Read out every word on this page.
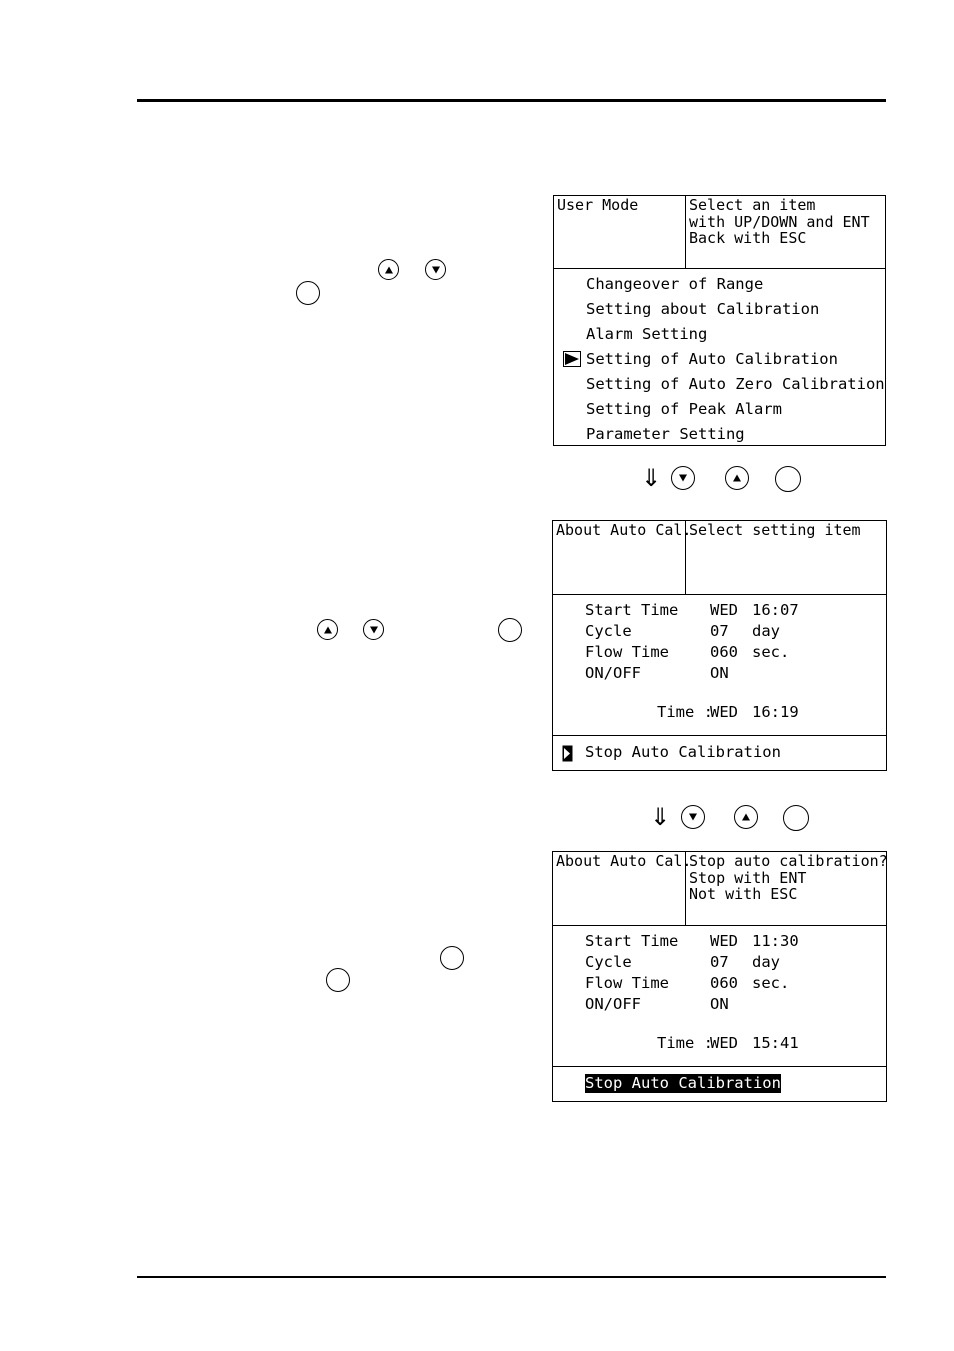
User Mode	Select an item
with UP/DOWN and ENT
Back with ESC
Changeover of Range
Setting about Calibration
Alarm Setting
Setting of Auto Calibration
Setting of Auto Zero Calibration
Setting of Peak Alarm
Parameter Setting
⇓
About Auto Cal.
Select setting item
Start Time WED 16:07
Cycle	07 day
Flow Time	060 sec.
ON/OFF	ON
Time :
WED 16:19
Stop Auto Calibration
⇓
About Auto Cal.
Stop auto calibration?
Stop with ENT
Not with ESC
Start Time WED 11:30
Cycle	07 day
Flow Time	060 sec.
ON/OFF	ON
Time :
WED 15:41
Stop Auto Calibration
